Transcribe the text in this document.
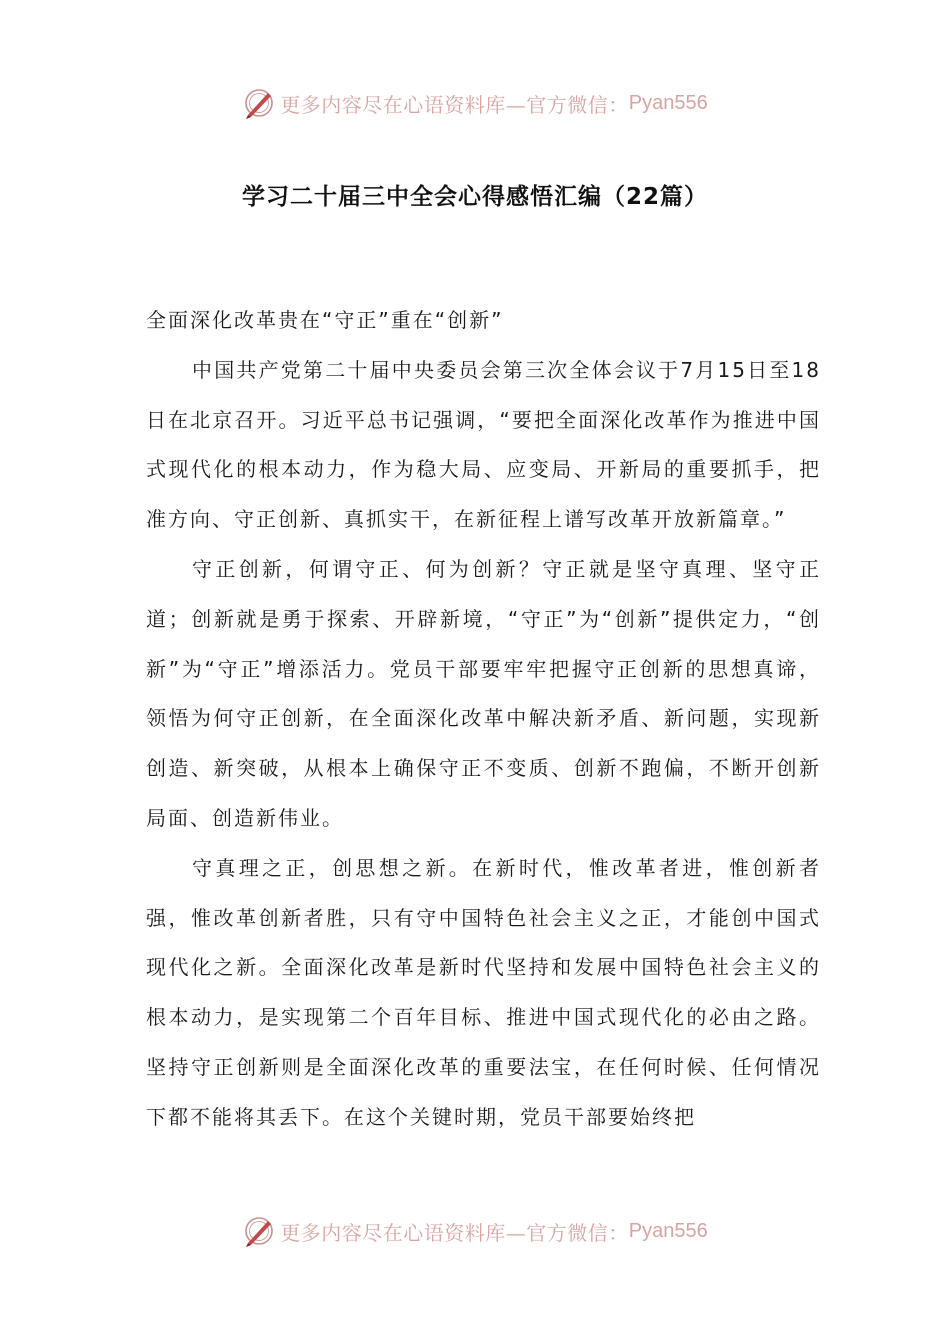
更多内容尽在心语资料库—官方微信： Pyan556
学习二十届三中全会心得感悟汇编（22篇）

全面深化改革贵在“守正”重在“创新”

中国共产党第二十届中央委员会第三次全体会议于7月15日至18日在北京召开。习近平总书记强调，“要把全面深化改革作为推进中国式现代化的根本动力，作为稳大局、应变局、开新局的重要抓手，把准方向、守正创新、真抓实干，在新征程上谱写改革开放新篇章。”

守正创新，何谓守正、何为创新？守正就是坚守真理、坚守正道；创新就是勇于探索、开辟新境，“守正”为“创新”提供定力，“创新”为“守正”增添活力。党员干部要牢牢把握守正创新的思想真谛，领悟为何守正创新，在全面深化改革中解决新矛盾、新问题，实现新创造、新突破，从根本上确保守正不变质、创新不跑偏，不断开创新局面、创造新伟业。

守真理之正，创思想之新。在新时代，惟改革者进，惟创新者强，惟改革创新者胜，只有守中国特色社会主义之正，才能创中国式现代化之新。全面深化改革是新时代坚持和发展中国特色社会主义的根本动力，是实现第二个百年目标、推进中国式现代化的必由之路。坚持守正创新则是全面深化改革的重要法宝，在任何时候、任何情况下都不能将其丢下。在这个关键时期，党员干部要始终把

更多内容尽在心语资料库—官方微信： Pyan556
